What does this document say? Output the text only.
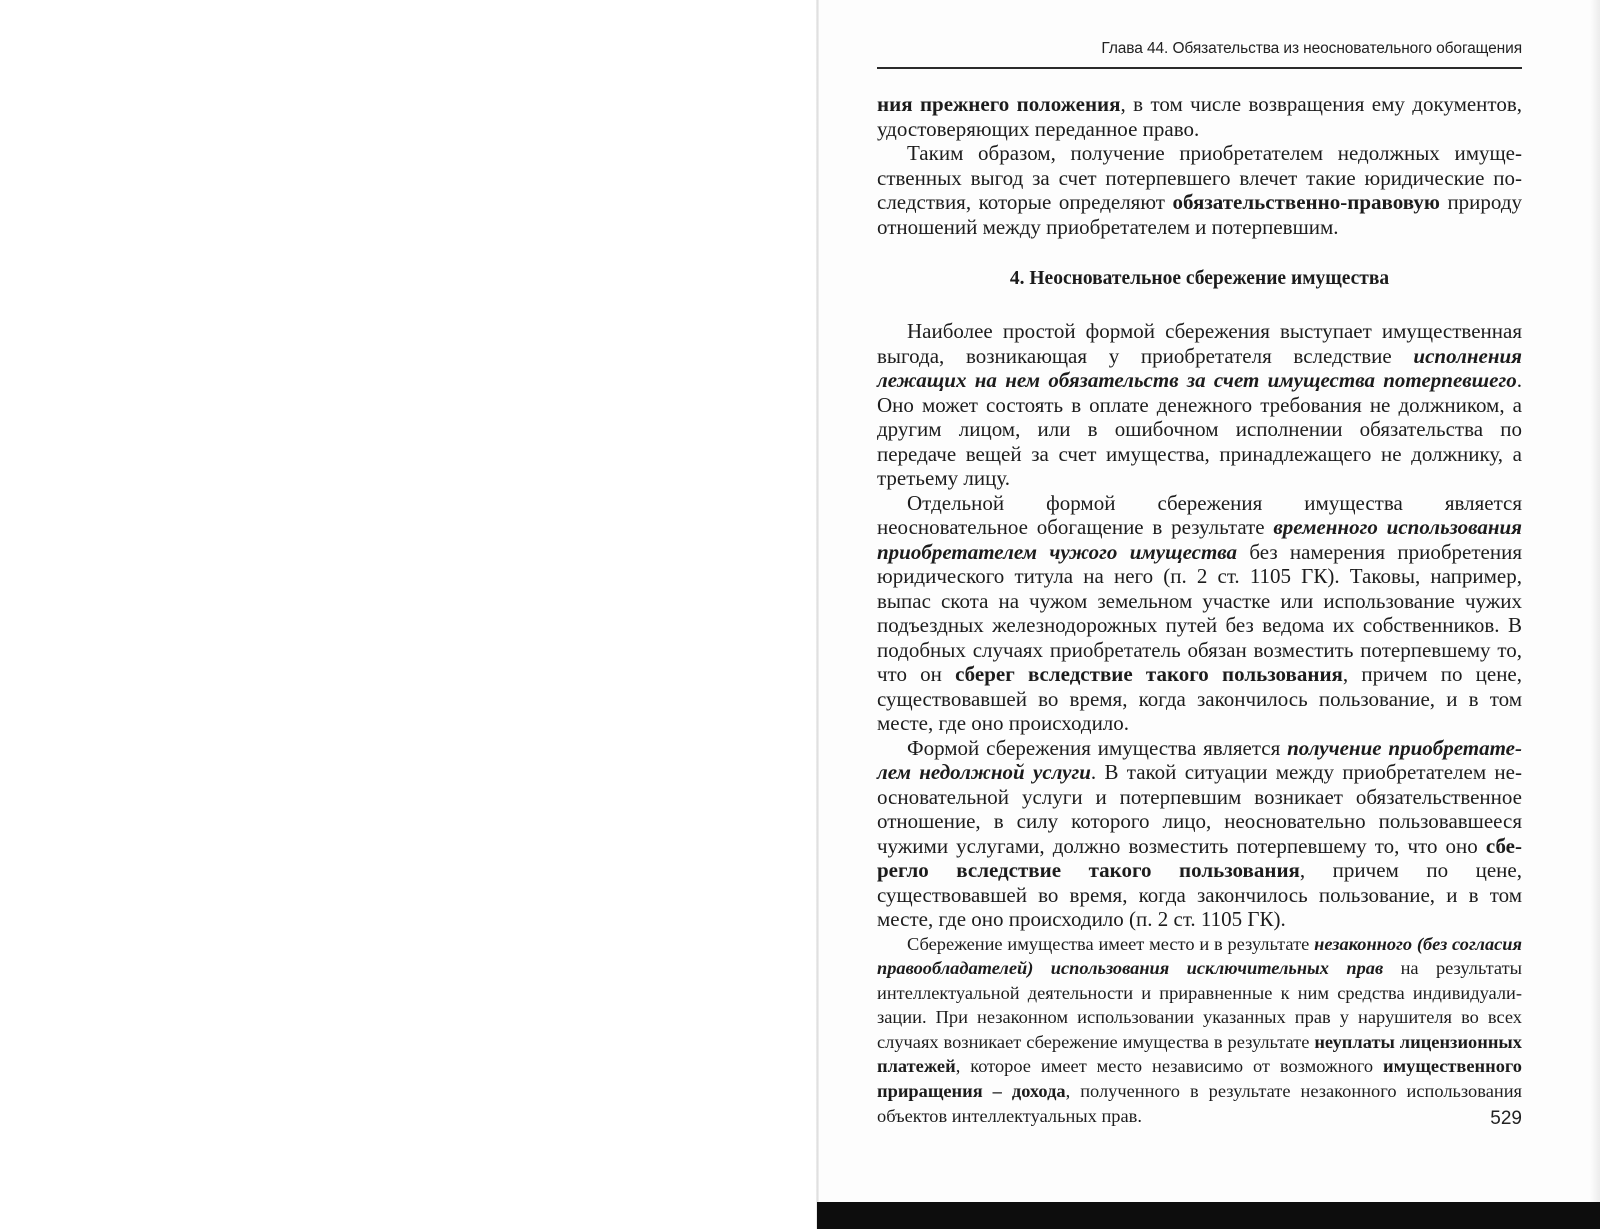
Глава 44. Обязательства из неосновательного обогащения

ния прежнего положения, в том числе возвращения ему документов, удостоверяющих переданное право.

Таким образом, получение приобретателем недолжных имущественных выгод за счет потерпевшего влечет такие юридические последствия, которые определяют обязательственно-правовую природу отношений между приобретателем и потерпевшим.

4. Неосновательное сбережение имущества

Наиболее простой формой сбережения выступает имущественная выгода, возникающая у приобретателя вследствие исполнения лежащих на нем обязательств за счет имущества потерпевшего. Оно может состоять в оплате денежного требования не должником, а другим лицом, или в ошибочном исполнении обязательства по передаче вещей за счет имущества, принадлежащего не должнику, а третьему лицу.

Отдельной формой сбережения имущества является неосновательное обогащение в результате временного использования приобретателем чужого имущества без намерения приобретения юридического титула на него (п. 2 ст. 1105 ГК). Таковы, например, выпас скота на чужом земельном участке или использование чужих подъездных железнодорожных путей без ведома их собственников. В подобных случаях приобретатель обязан возместить потерпевшему то, что он сберег вследствие такого пользования, причем по цене, существовавшей во время, когда закончилось пользование, и в том месте, где оно происходило.

Формой сбережения имущества является получение приобретателем недолжной услуги. В такой ситуации между приобретателем неосновательной услуги и потерпевшим возникает обязательственное отношение, в силу которого лицо, неосновательно пользовавшееся чужими услугами, должно возместить потерпевшему то, что оно сберегло вследствие такого пользования, причем по цене, существовавшей во время, когда закончилось пользование, и в том месте, где оно происходило (п. 2 ст. 1105 ГК).

Сбережение имущества имеет место и в результате незаконного (без согласия правообладателей) использования исключительных прав на результаты интеллектуальной деятельности и приравненные к ним средства индивидуализации. При незаконном использовании указанных прав у нарушителя во всех случаях возникает сбережение имущества в результате неуплаты лицензионных платежей, которое имеет место независимо от возможного имущественного приращения – дохода, полученного в результате незаконного использования объектов интеллектуальных прав.	529
